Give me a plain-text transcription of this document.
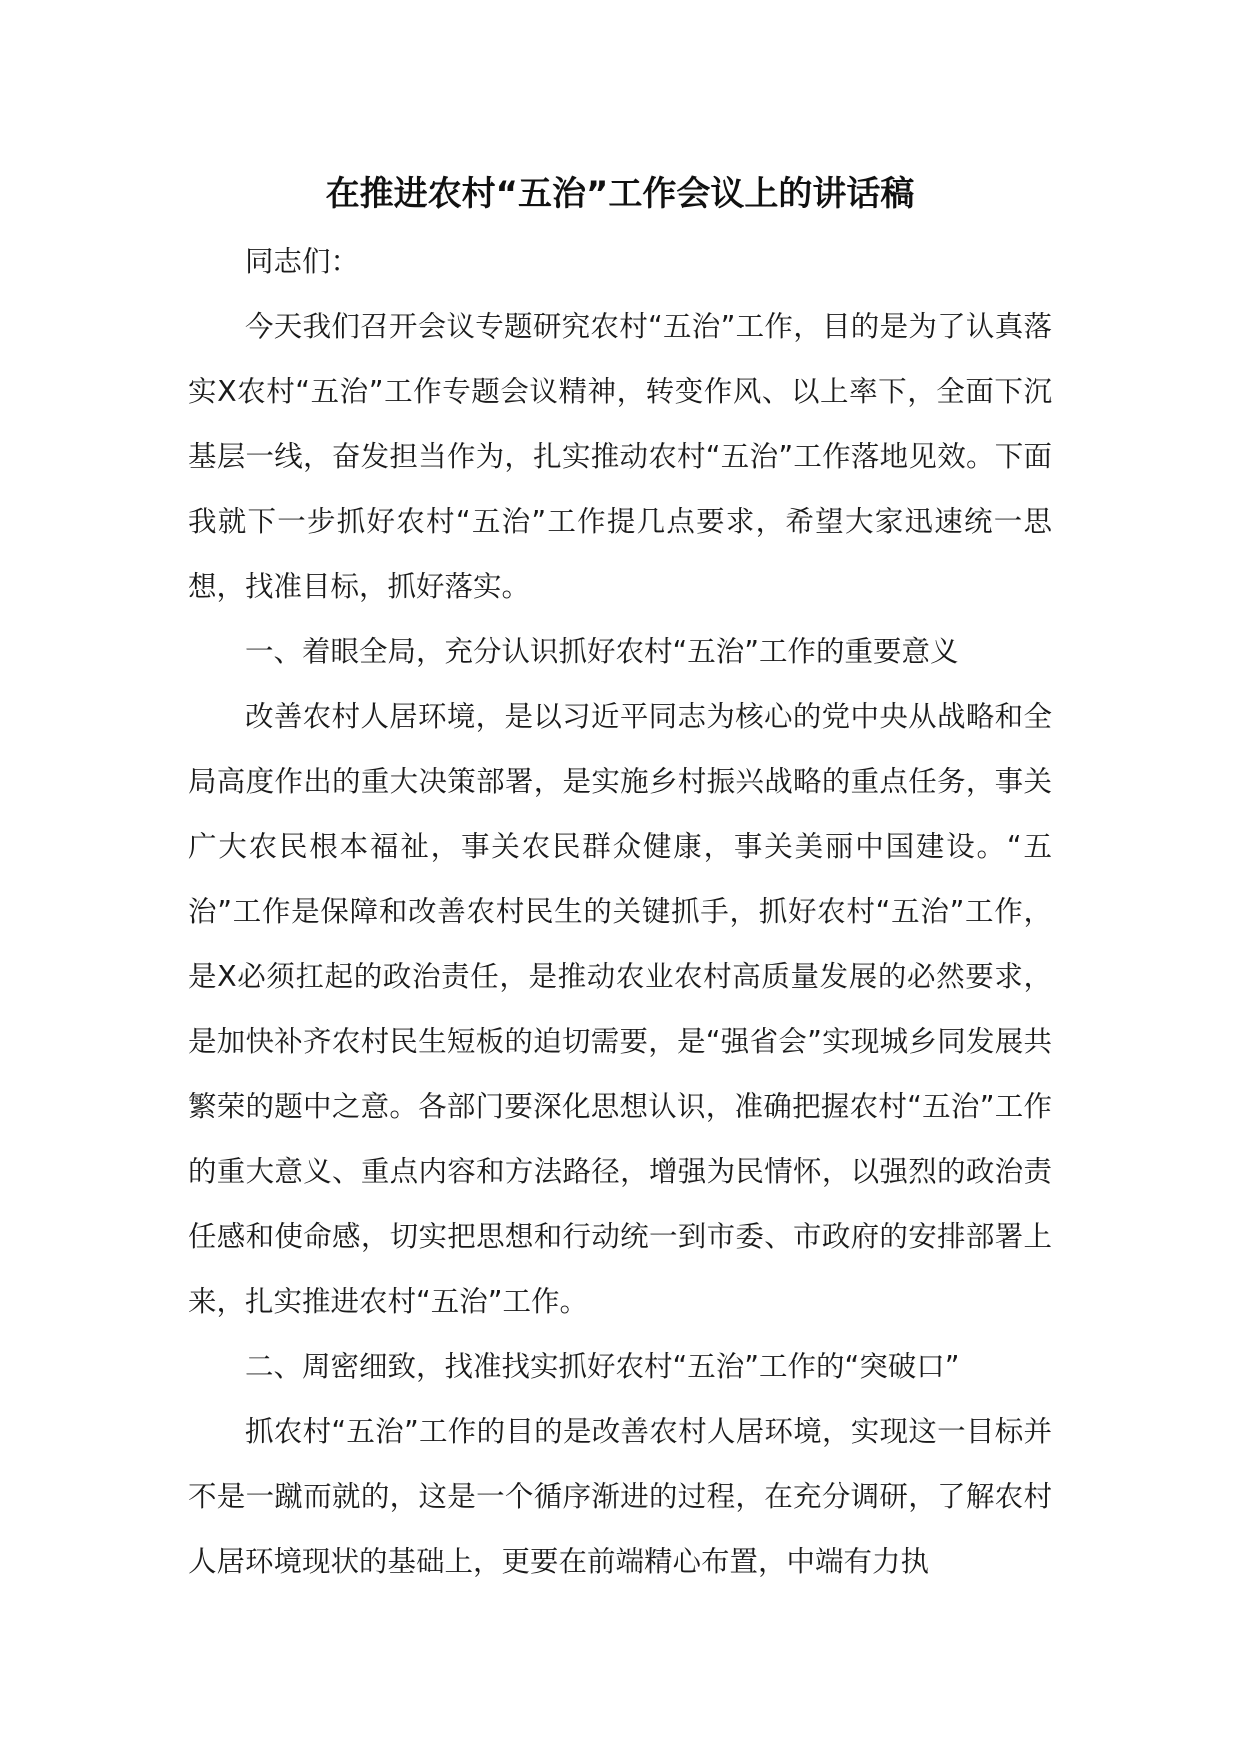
在推进农村“五治”工作会议上的讲话稿

同志们：

今天我们召开会议专题研究农村“五治”工作，目的是为了认真落实X农村“五治”工作专题会议精神，转变作风、以上率下，全面下沉基层一线，奋发担当作为，扎实推动农村“五治”工作落地见效。下面我就下一步抓好农村“五治”工作提几点要求，希望大家迅速统一思想，找准目标，抓好落实。

一、着眼全局，充分认识抓好农村“五治”工作的重要意义

改善农村人居环境，是以习近平同志为核心的党中央从战略和全局高度作出的重大决策部署，是实施乡村振兴战略的重点任务，事关广大农民根本福祉，事关农民群众健康，事关美丽中国建设。“五治”工作是保障和改善农村民生的关键抓手，抓好农村“五治”工作，是X必须扛起的政治责任，是推动农业农村高质量发展的必然要求，是加快补齐农村民生短板的迫切需要，是“强省会”实现城乡同发展共繁荣的题中之意。各部门要深化思想认识，准确把握农村“五治”工作的重大意义、重点内容和方法路径，增强为民情怀，以强烈的政治责任感和使命感，切实把思想和行动统一到市委、市政府的安排部署上来，扎实推进农村“五治”工作。

二、周密细致，找准找实抓好农村“五治”工作的“突破口”

抓农村“五治”工作的目的是改善农村人居环境，实现这一目标并不是一蹴而就的，这是一个循序渐进的过程，在充分调研，了解农村人居环境现状的基础上，更要在前端精心布置，中端有力执
